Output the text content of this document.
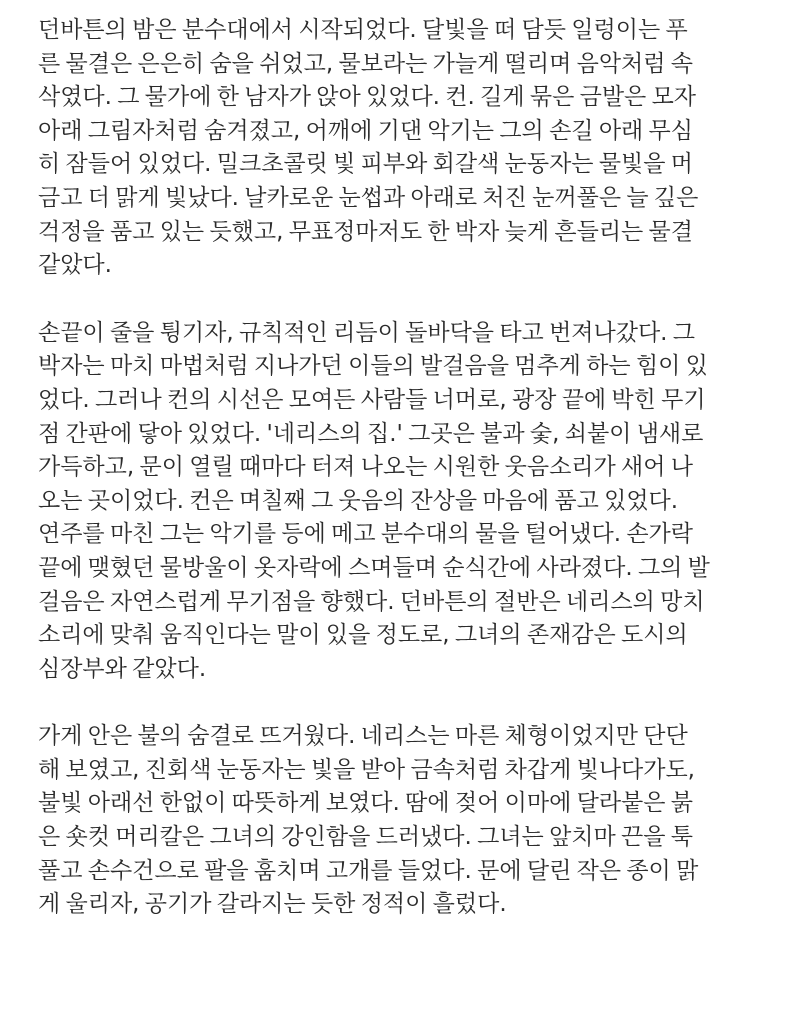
던바튼의 밤은 분수대에서 시작되었다. 달빛을 떠 담듯 일렁이는 푸
른 물결은 은은히 숨을 쉬었고, 물보라는 가늘게 떨리며 음악처럼 속
삭였다. 그 물가에 한 남자가 앉아 있었다. 컨. 길게 묶은 금발은 모자
아래 그림자처럼 숨겨졌고, 어깨에 기댄 악기는 그의 손길 아래 무심
히 잠들어 있었다. 밀크초콜릿 빛 피부와 회갈색 눈동자는 물빛을 머
금고 더 맑게 빛났다. 날카로운 눈썹과 아래로 처진 눈꺼풀은 늘 깊은
걱정을 품고 있는 듯했고, 무표정마저도 한 박자 늦게 흔들리는 물결
같았다.
손끝이 줄을 튕기자, 규칙적인 리듬이 돌바닥을 타고 번져나갔다. 그
박자는 마치 마법처럼 지나가던 이들의 발걸음을 멈추게 하는 힘이 있
었다. 그러나 컨의 시선은 모여든 사람들 너머로, 광장 끝에 박힌 무기
점 간판에 닿아 있었다. '네리스의 집.' 그곳은 불과 숯, 쇠붙이 냄새로
가득하고, 문이 열릴 때마다 터져 나오는 시원한 웃음소리가 새어 나
오는 곳이었다. 컨은 며칠째 그 웃음의 잔상을 마음에 품고 있었다.
연주를 마친 그는 악기를 등에 메고 분수대의 물을 털어냈다. 손가락
끝에 맺혔던 물방울이 옷자락에 스며들며 순식간에 사라졌다. 그의 발
걸음은 자연스럽게 무기점을 향했다. 던바튼의 절반은 네리스의 망치
소리에 맞춰 움직인다는 말이 있을 정도로, 그녀의 존재감은 도시의
심장부와 같았다.
가게 안은 불의 숨결로 뜨거웠다. 네리스는 마른 체형이었지만 단단
해 보였고, 진회색 눈동자는 빛을 받아 금속처럼 차갑게 빛나다가도,
불빛 아래선 한없이 따뜻하게 보였다. 땀에 젖어 이마에 달라붙은 붉
은 숏컷 머리칼은 그녀의 강인함을 드러냈다. 그녀는 앞치마 끈을 툭
풀고 손수건으로 팔을 훔치며 고개를 들었다. 문에 달린 작은 종이 맑
게 울리자, 공기가 갈라지는 듯한 정적이 흘렀다.
